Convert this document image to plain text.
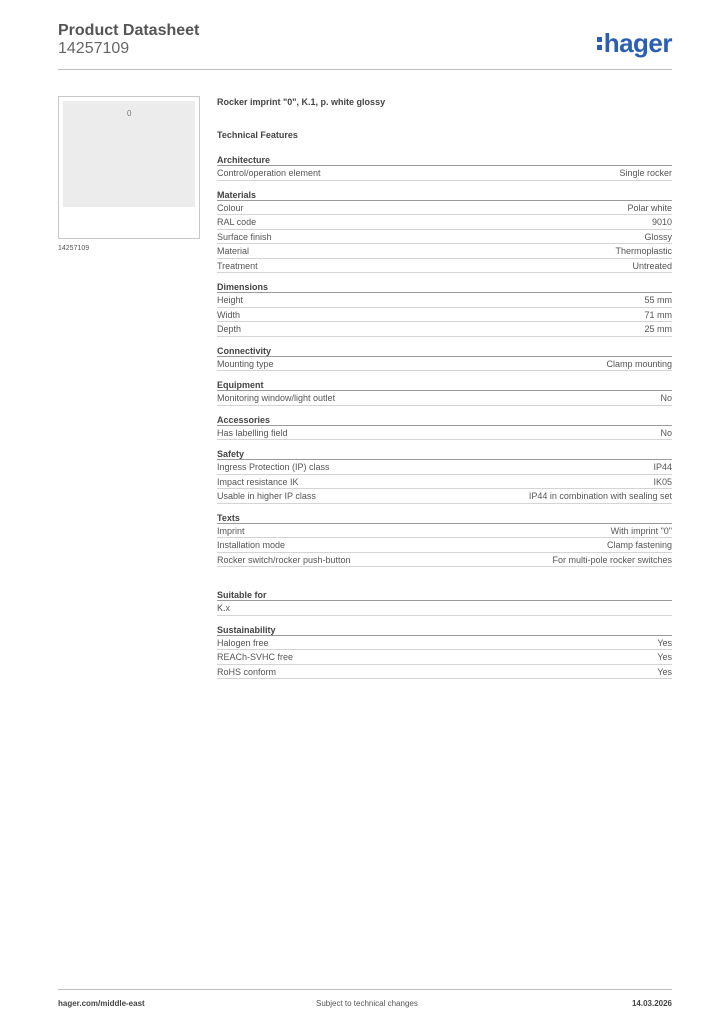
Product Datasheet
14257109	hager
0
14257109
Rocker imprint "0", K.1, p. white glossy
Technical Features
Architecture
Control/operation element	Single rocker
Materials
Colour	Polar white
RAL code	9010
Surface finish	Glossy
Material	Thermoplastic
Treatment	Untreated
Dimensions
Height	55 mm
Width	71 mm
Depth	25 mm
Connectivity
Mounting type	Clamp mounting
Equipment
Monitoring window/light outlet	No
Accessories
Has labelling field	No
Safety
Ingress Protection (IP) class	IP44
Impact resistance IK	IK05
Usable in higher IP class	IP44 in combination with sealing set
Texts
Imprint	With imprint "0"
Installation mode	Clamp fastening
Rocker switch/rocker push-button	For multi-pole rocker switches
Suitable for
K.x
Sustainability
Halogen free	Yes
REACh-SVHC free	Yes
RoHS conform	Yes
hager.com/middle-east	Subject to technical changes	14.03.2026
